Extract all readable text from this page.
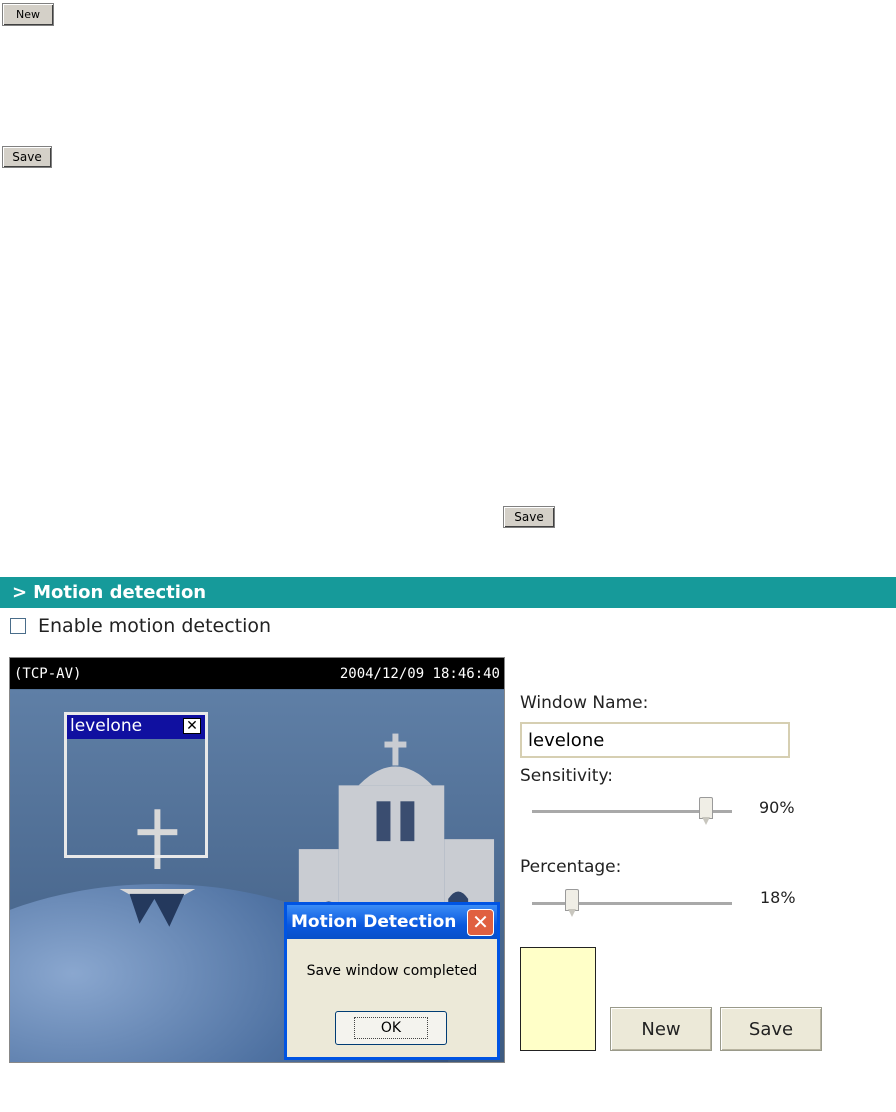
New
Save
Save
> Motion detection
Enable motion detection
(TCP-AV)	2004/12/09 18:46:40
levelone	✕
Motion Detection ✕
Save window completed
OK
Window Name:
levelone
Sensitivity:
90%
Percentage:
18%
New	Save
